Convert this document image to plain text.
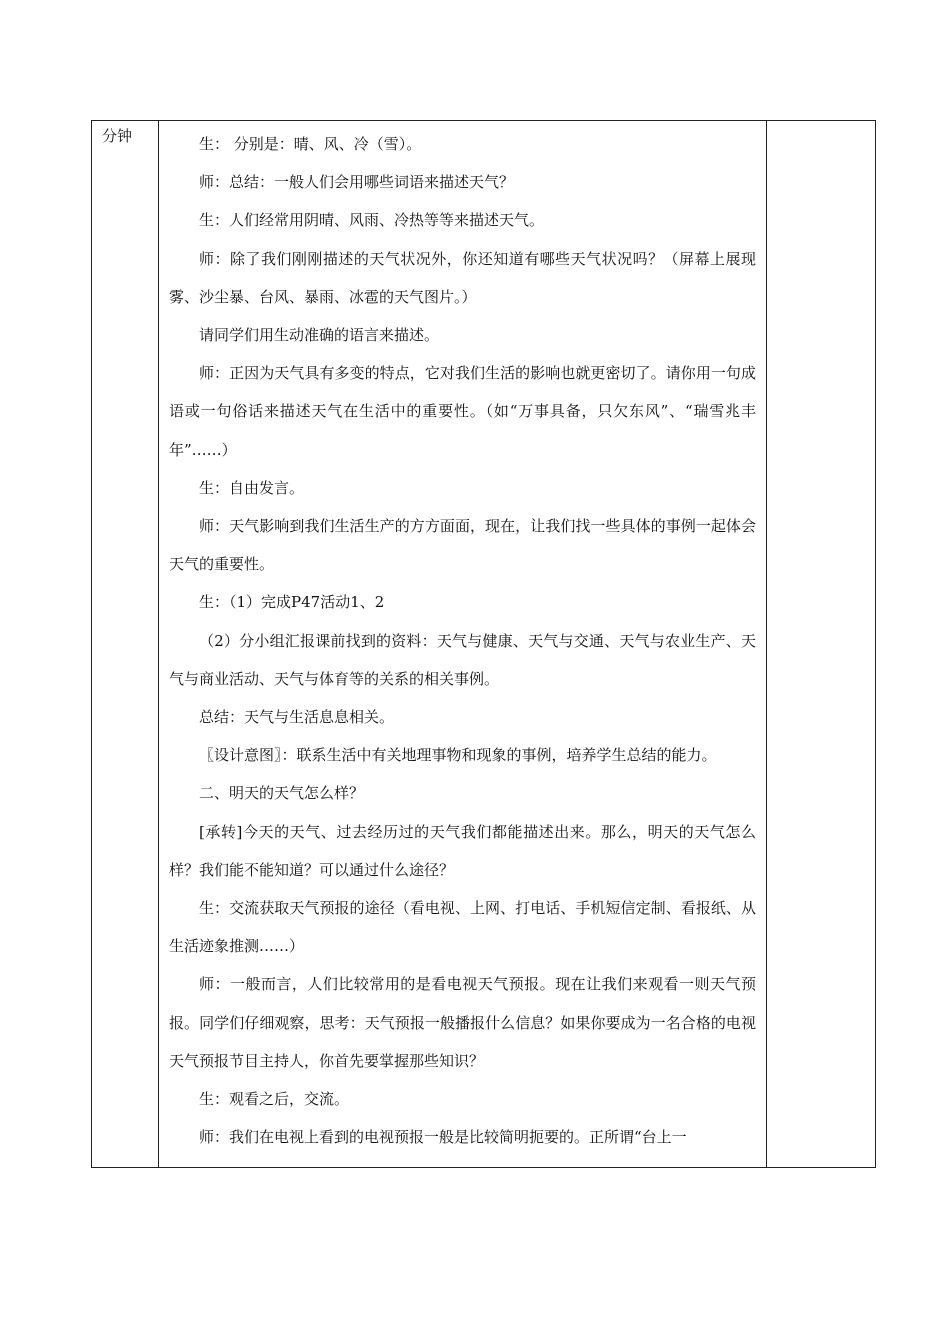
分钟	生： 分别是：晴、风、冷（雪）。

师：总结：一般人们会用哪些词语来描述天气？

生：人们经常用阴晴、风雨、冷热等等来描述天气。

师：除了我们刚刚描述的天气状况外，你还知道有哪些天气状况吗？（屏幕上展现雾、沙尘暴、台风、暴雨、冰雹的天气图片。）

请同学们用生动准确的语言来描述。

师：正因为天气具有多变的特点，它对我们生活的影响也就更密切了。请你用一句成语或一句俗话来描述天气在生活中的重要性。（如“万事具备，只欠东风”、“瑞雪兆丰年”……）

生：自由发言。

师：天气影响到我们生活生产的方方面面，现在，让我们找一些具体的事例一起体会天气的重要性。

生：（1）完成P47活动1、2

（2）分小组汇报课前找到的资料：天气与健康、天气与交通、天气与农业生产、天气与商业活动、天气与体育等的关系的相关事例。

总结：天气与生活息息相关。

〖设计意图〗：联系生活中有关地理事物和现象的事例，培养学生总结的能力。

二、明天的天气怎么样？

[承转]今天的天气、过去经历过的天气我们都能描述出来。那么，明天的天气怎么样？我们能不能知道？可以通过什么途径？

生：交流获取天气预报的途径（看电视、上网、打电话、手机短信定制、看报纸、从生活迹象推测……）

师：一般而言，人们比较常用的是看电视天气预报。现在让我们来观看一则天气预报。同学们仔细观察，思考：天气预报一般播报什么信息？如果你要成为一名合格的电视天气预报节目主持人，你首先要掌握那些知识？

生：观看之后，交流。

师：我们在电视上看到的电视预报一般是比较简明扼要的。正所谓“台上一
